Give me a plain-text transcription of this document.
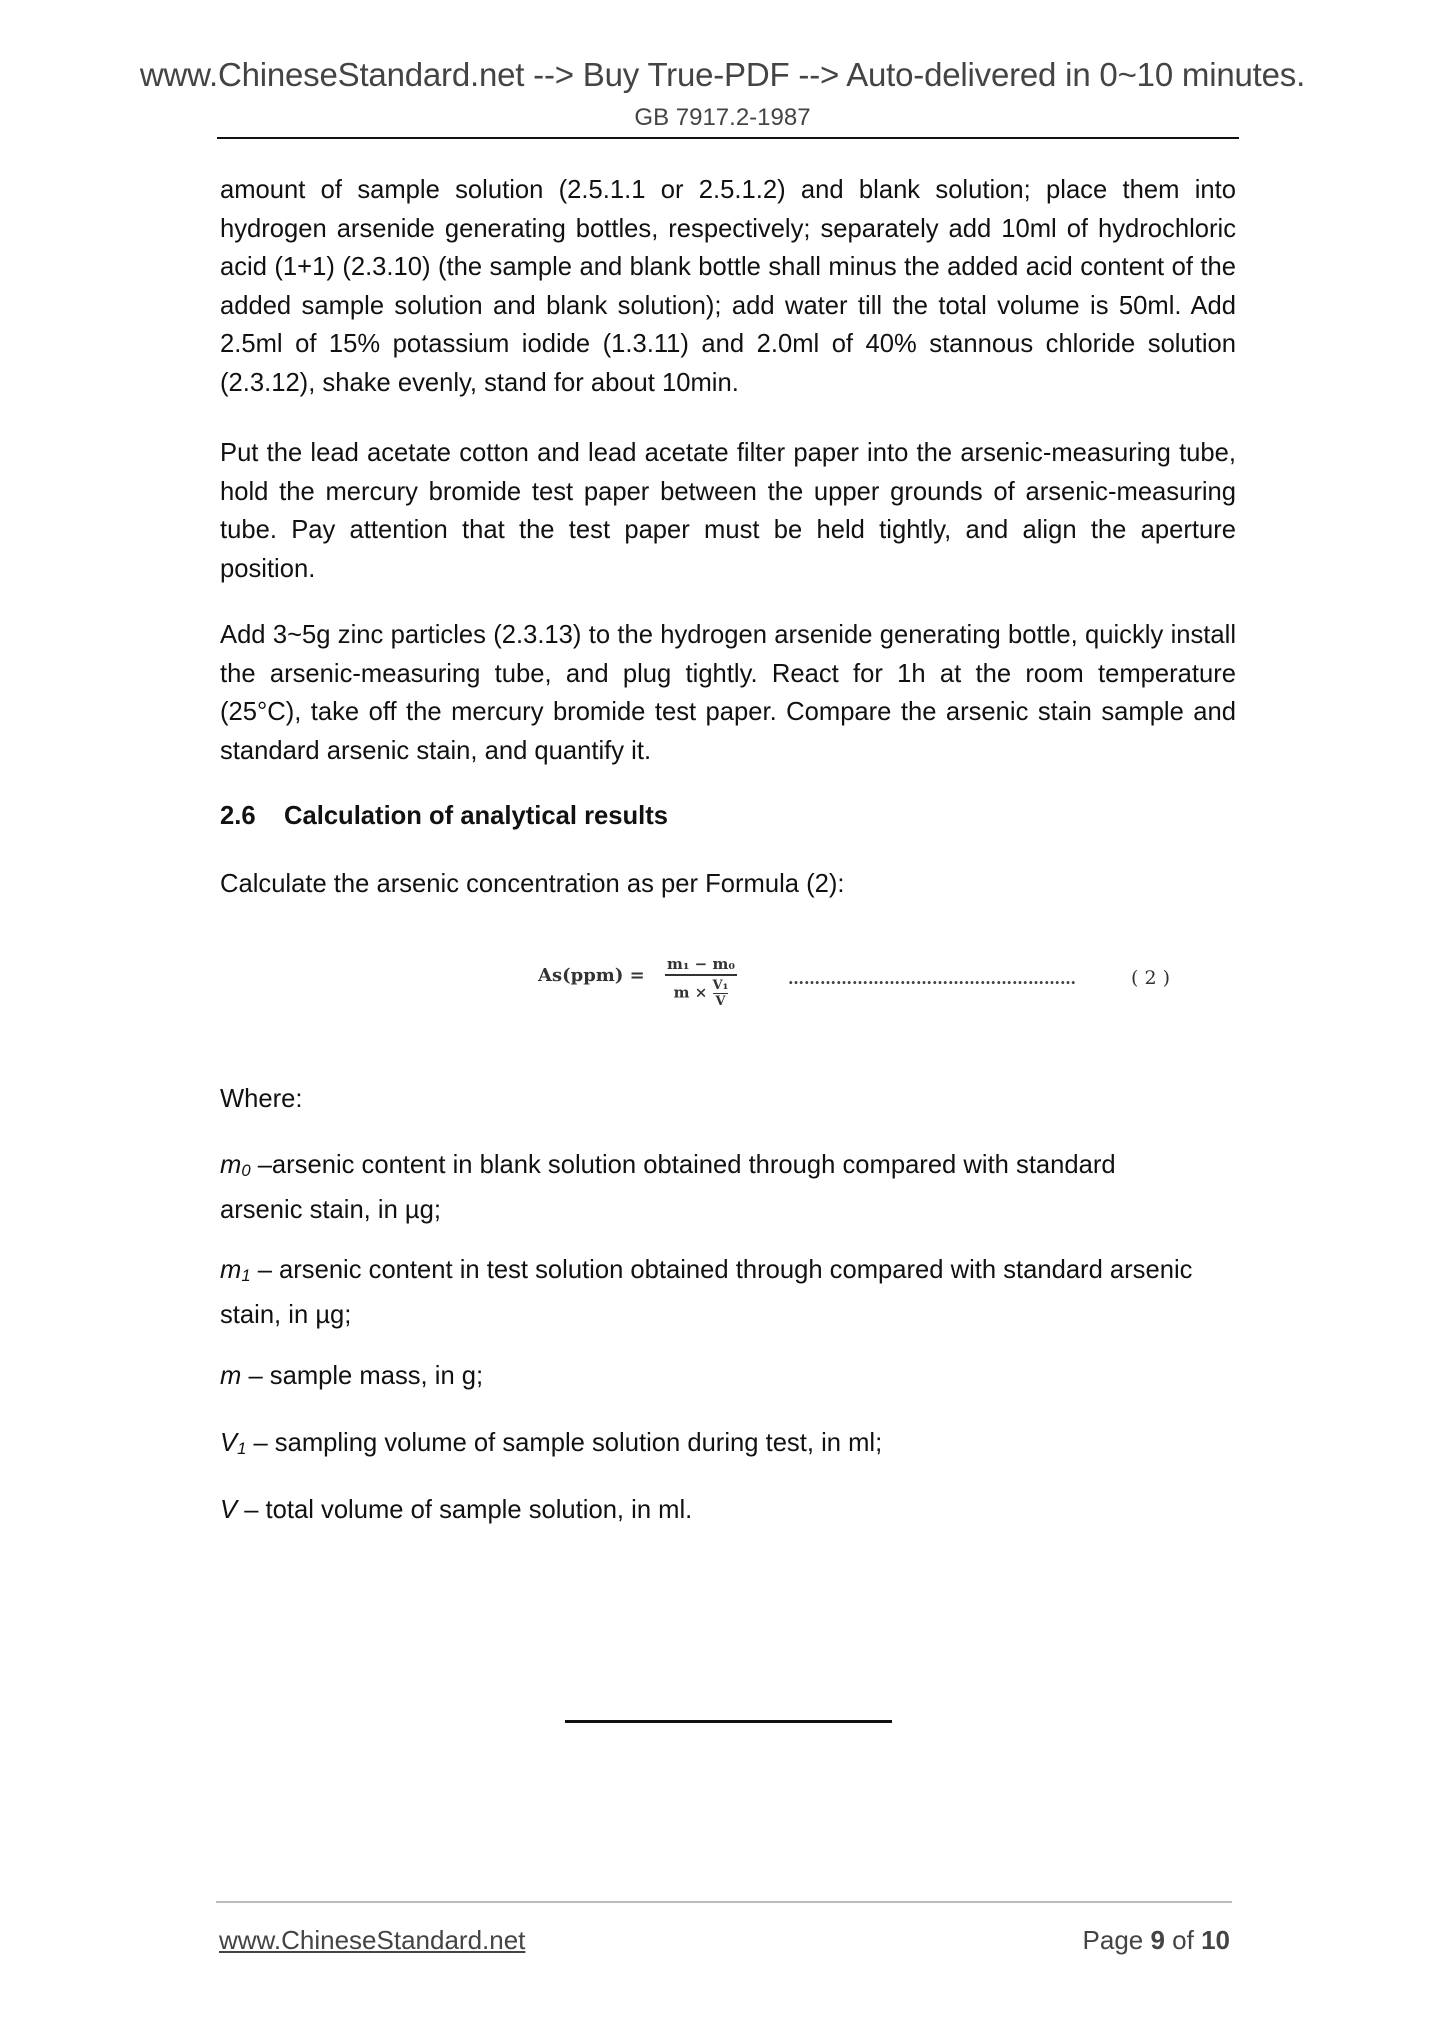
www.ChineseStandard.net --> Buy True-PDF --> Auto-delivered in 0~10 minutes.
GB 7917.2-1987

amount of sample solution (2.5.1.1 or 2.5.1.2) and blank solution; place them into hydrogen arsenide generating bottles, respectively; separately add 10ml of hydrochloric acid (1+1) (2.3.10) (the sample and blank bottle shall minus the added acid content of the added sample solution and blank solution); add water till the total volume is 50ml. Add 2.5ml of 15% potassium iodide (1.3.11) and 2.0ml of 40% stannous chloride solution (2.3.12), shake evenly, stand for about 10min.

Put the lead acetate cotton and lead acetate filter paper into the arsenic-measuring tube, hold the mercury bromide test paper between the upper grounds of arsenic-measuring tube. Pay attention that the test paper must be held tightly, and align the aperture position.

Add 3~5g zinc particles (2.3.13) to the hydrogen arsenide generating bottle, quickly install the arsenic-measuring tube, and plug tightly. React for 1h at the room temperature (25°C), take off the mercury bromide test paper. Compare the arsenic stain sample and standard arsenic stain, and quantify it.

2.6 Calculation of analytical results

Calculate the arsenic concentration as per Formula (2):

$As(ppm) = \frac{\text{m₁ − m₀}}{m \times \frac{\text{V₁}}{V}}$	………………………………………………	( 2 )

Where:

$m_0$ –arsenic content in blank solution obtained through compared with standard arsenic stain, in µg;

$m_1$ – arsenic content in test solution obtained through compared with standard arsenic stain, in µg;

m – sample mass, in g;

$V_1$ – sampling volume of sample solution during test, in ml;

V – total volume of sample solution, in ml.

www.ChineseStandard.net	Page 9 of 10
